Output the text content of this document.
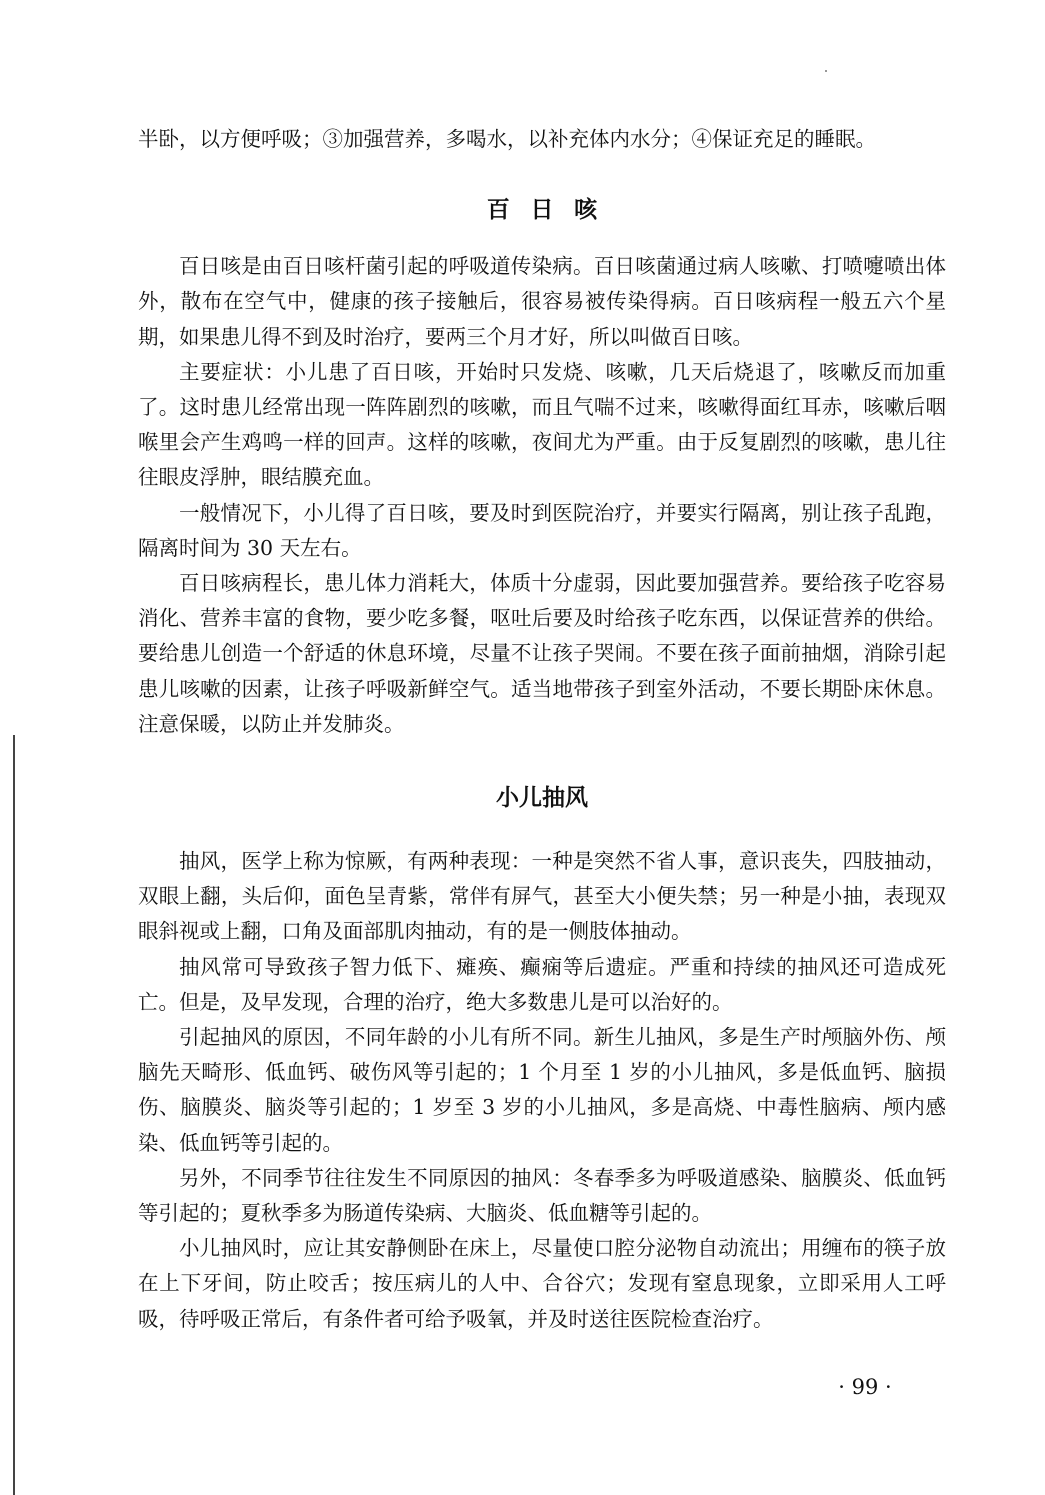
半卧，以方便呼吸；③加强营养，多喝水，以补充体内水分；④保证充足的睡眠。

百日咳

百日咳是由百日咳杆菌引起的呼吸道传染病。百日咳菌通过病人咳嗽、打喷嚏喷出体外，散布在空气中，健康的孩子接触后，很容易被传染得病。百日咳病程一般五六个星期，如果患儿得不到及时治疗，要两三个月才好，所以叫做百日咳。

主要症状：小儿患了百日咳，开始时只发烧、咳嗽，几天后烧退了，咳嗽反而加重了。这时患儿经常出现一阵阵剧烈的咳嗽，而且气喘不过来，咳嗽得面红耳赤，咳嗽后咽喉里会产生鸡鸣一样的回声。这样的咳嗽，夜间尤为严重。由于反复剧烈的咳嗽，患儿往往眼皮浮肿，眼结膜充血。

一般情况下，小儿得了百日咳，要及时到医院治疗，并要实行隔离，别让孩子乱跑，隔离时间为 30 天左右。

百日咳病程长，患儿体力消耗大，体质十分虚弱，因此要加强营养。要给孩子吃容易消化、营养丰富的食物，要少吃多餐，呕吐后要及时给孩子吃东西，以保证营养的供给。要给患儿创造一个舒适的休息环境，尽量不让孩子哭闹。不要在孩子面前抽烟，消除引起患儿咳嗽的因素，让孩子呼吸新鲜空气。适当地带孩子到室外活动，不要长期卧床休息。注意保暖，以防止并发肺炎。

小儿抽风

抽风，医学上称为惊厥，有两种表现：一种是突然不省人事，意识丧失，四肢抽动，双眼上翻，头后仰，面色呈青紫，常伴有屏气，甚至大小便失禁；另一种是小抽，表现双眼斜视或上翻，口角及面部肌肉抽动，有的是一侧肢体抽动。

抽风常可导致孩子智力低下、瘫痪、癫痫等后遗症。严重和持续的抽风还可造成死亡。但是，及早发现，合理的治疗，绝大多数患儿是可以治好的。

引起抽风的原因，不同年龄的小儿有所不同。新生儿抽风，多是生产时颅脑外伤、颅脑先天畸形、低血钙、破伤风等引起的；1 个月至 1 岁的小儿抽风，多是低血钙、脑损伤、脑膜炎、脑炎等引起的；1 岁至 3 岁的小儿抽风，多是高烧、中毒性脑病、颅内感染、低血钙等引起的。

另外，不同季节往往发生不同原因的抽风：冬春季多为呼吸道感染、脑膜炎、低血钙等引起的；夏秋季多为肠道传染病、大脑炎、低血糖等引起的。

小儿抽风时，应让其安静侧卧在床上，尽量使口腔分泌物自动流出；用缠布的筷子放在上下牙间，防止咬舌；按压病儿的人中、合谷穴；发现有窒息现象，立即采用人工呼吸，待呼吸正常后，有条件者可给予吸氧，并及时送往医院检查治疗。

· 99 ·
